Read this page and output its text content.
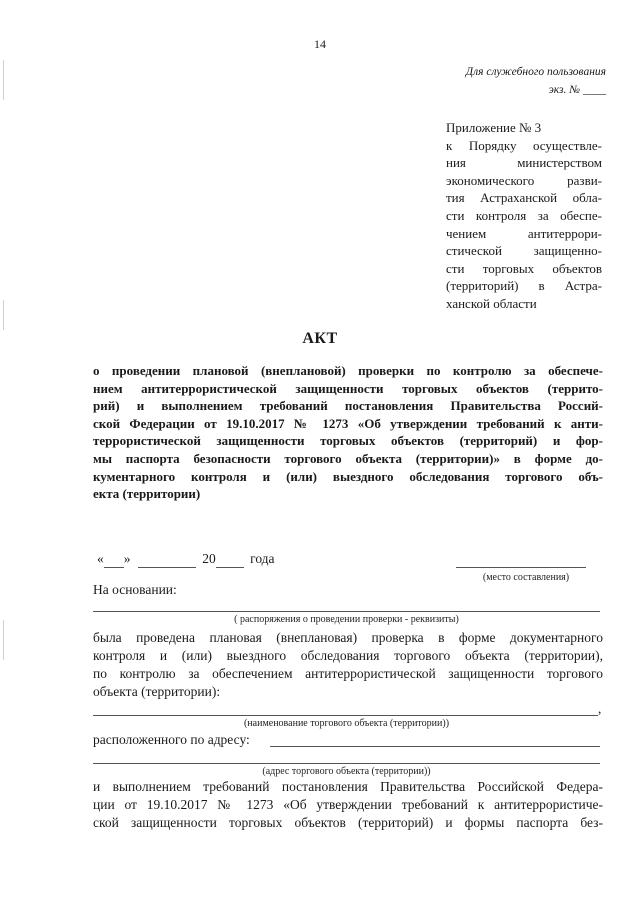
14
Для служебного пользования
экз. № ____
Приложение № 3
к Порядку осуществле-
ния министерством
экономического разви-
тия Астраханской обла-
сти контроля за обеспе-
чением антитеррори-
стической защищенно-
сти торговых объектов
(территорий) в Астра-
ханской области
АКТ
о проведении плановой (внеплановой) проверки по контролю за обеспече-
нием антитеррористической защищенности торговых объектов (террито-
рий) и выполнением требований постановления Правительства Россий-
ской Федерации от 19.10.2017 № 1273 «Об утверждении требований к анти-
террористической защищенности торговых объектов (территорий) и фор-
мы паспорта безопасности торгового объекта (территории)» в форме до-
кументарного контроля и (или) выездного обследования торгового объ-
екта (территории)
« »	20	года
(место составления)
На основании:
( распоряжения о проведении проверки - реквизиты)
была проведена плановая (внеплановая) проверка в форме документарного
контроля и (или) выездного обследования торгового объекта (территории),
по контролю за обеспечением антитеррористической защищенности торгового
объекта (территории):
,
(наименование торгового объекта (территории))
расположенного по адресу:
(адрес торгового объекта (территории))
и выполнением требований постановления Правительства Российской Федера-
ции от 19.10.2017 № 1273 «Об утверждении требований к антитеррористиче-
ской защищенности торговых объектов (территорий) и формы паспорта без-
